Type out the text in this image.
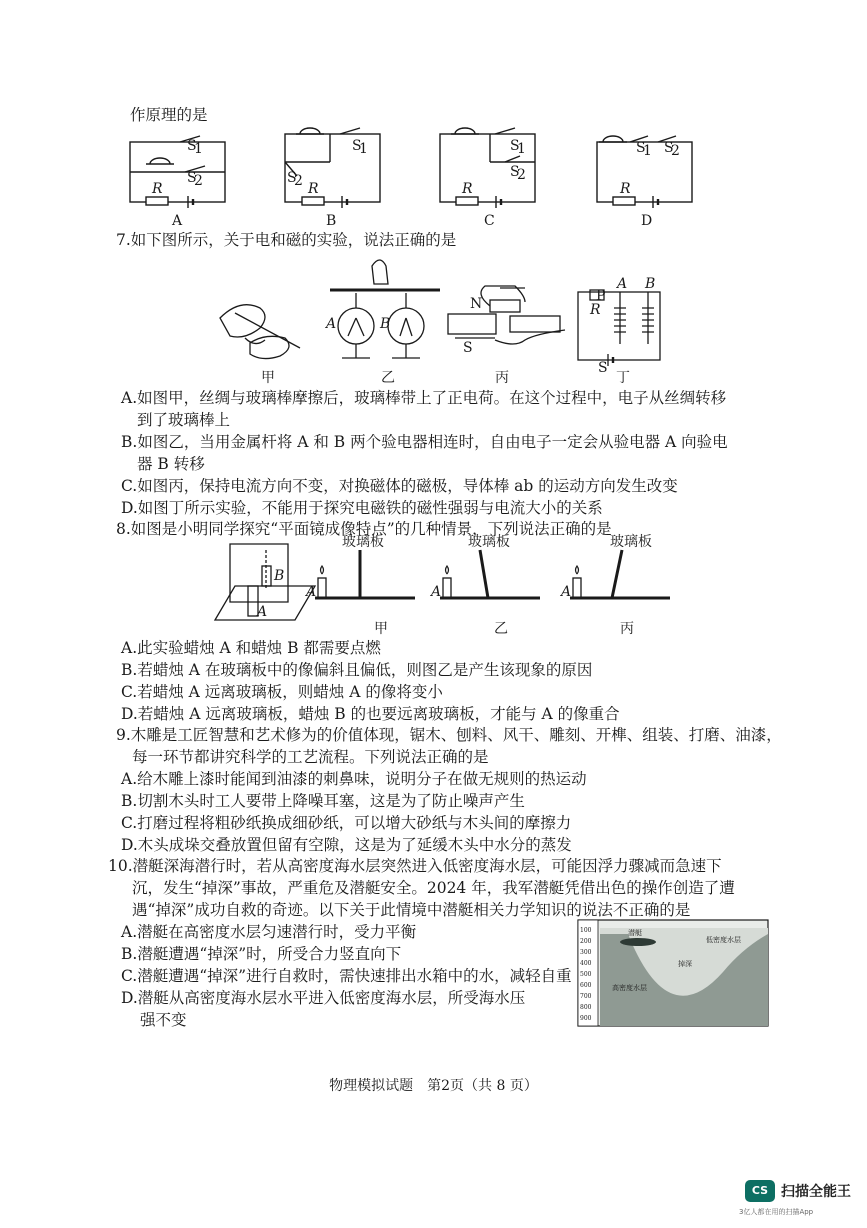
作原理的是
S
1
S
2
R
A
S
1
S
2 R
B
S
1
S
2
R
C
S
1 S
2
R
D
7.如下图所示，关于电和磁的实验，说法正确的是
甲
A	B
乙
N
S
丙
P
R
A B
S
丁
A.如图甲，丝绸与玻璃棒摩擦后，玻璃棒带上了正电荷。在这个过程中，电子从丝绸转移
到了玻璃棒上
B.如图乙，当用金属杆将 A 和 B 两个验电器相连时，自由电子一定会从验电器 A 向验电
器 B 转移
C.如图丙，保持电流方向不变，对换磁体的磁极，导体棒 ab 的运动方向发生改变
D.如图丁所示实验，不能用于探究电磁铁的磁性强弱与电流大小的关系
8.如图是小明同学探究“平面镜成像特点”的几种情景，下列说法正确的是
B
A
玻璃板
A
甲
玻璃板
A
乙
玻璃板
A
丙
A.此实验蜡烛 A 和蜡烛 B 都需要点燃
B.若蜡烛 A 在玻璃板中的像偏斜且偏低，则图乙是产生该现象的原因
C.若蜡烛 A 远离玻璃板，则蜡烛 A 的像将变小
D.若蜡烛 A 远离玻璃板，蜡烛 B 的也要远离玻璃板，才能与 A 的像重合
9.木雕是工匠智慧和艺术修为的价值体现，锯木、刨料、风干、雕刻、开榫、组装、打磨、油漆，
每一环节都讲究科学的工艺流程。下列说法正确的是
A.给木雕上漆时能闻到油漆的刺鼻味，说明分子在做无规则的热运动
B.切割木头时工人要带上降噪耳塞，这是为了防止噪声产生
C.打磨过程将粗砂纸换成细砂纸，可以增大砂纸与木头间的摩擦力
D.木头成垛交叠放置但留有空隙，这是为了延缓木头中水分的蒸发
10.潜艇深海潜行时，若从高密度海水层突然进入低密度海水层，可能因浮力骤减而急速下
沉，发生“掉深”事故，严重危及潜艇安全。2024 年，我军潜艇凭借出色的操作创造了遭
遇“掉深”成功自救的奇迹。以下关于此情境中潜艇相关力学知识的说法不正确的是
A.潜艇在高密度水层匀速潜行时，受力平衡
B.潜艇遭遇“掉深”时，所受合力竖直向下
C.潜艇遭遇“掉深”进行自救时，需快速排出水箱中的水，减轻自重
D.潜艇从高密度海水层水平进入低密度海水层，所受海水压
强不变
100
200
300
400
500
600
700
800
900
潜艇
掉深
低密度水层
高密度水层
物理模拟试题　第2页（共 8 页）
CS 扫描全能王
3亿人都在用的扫描App
